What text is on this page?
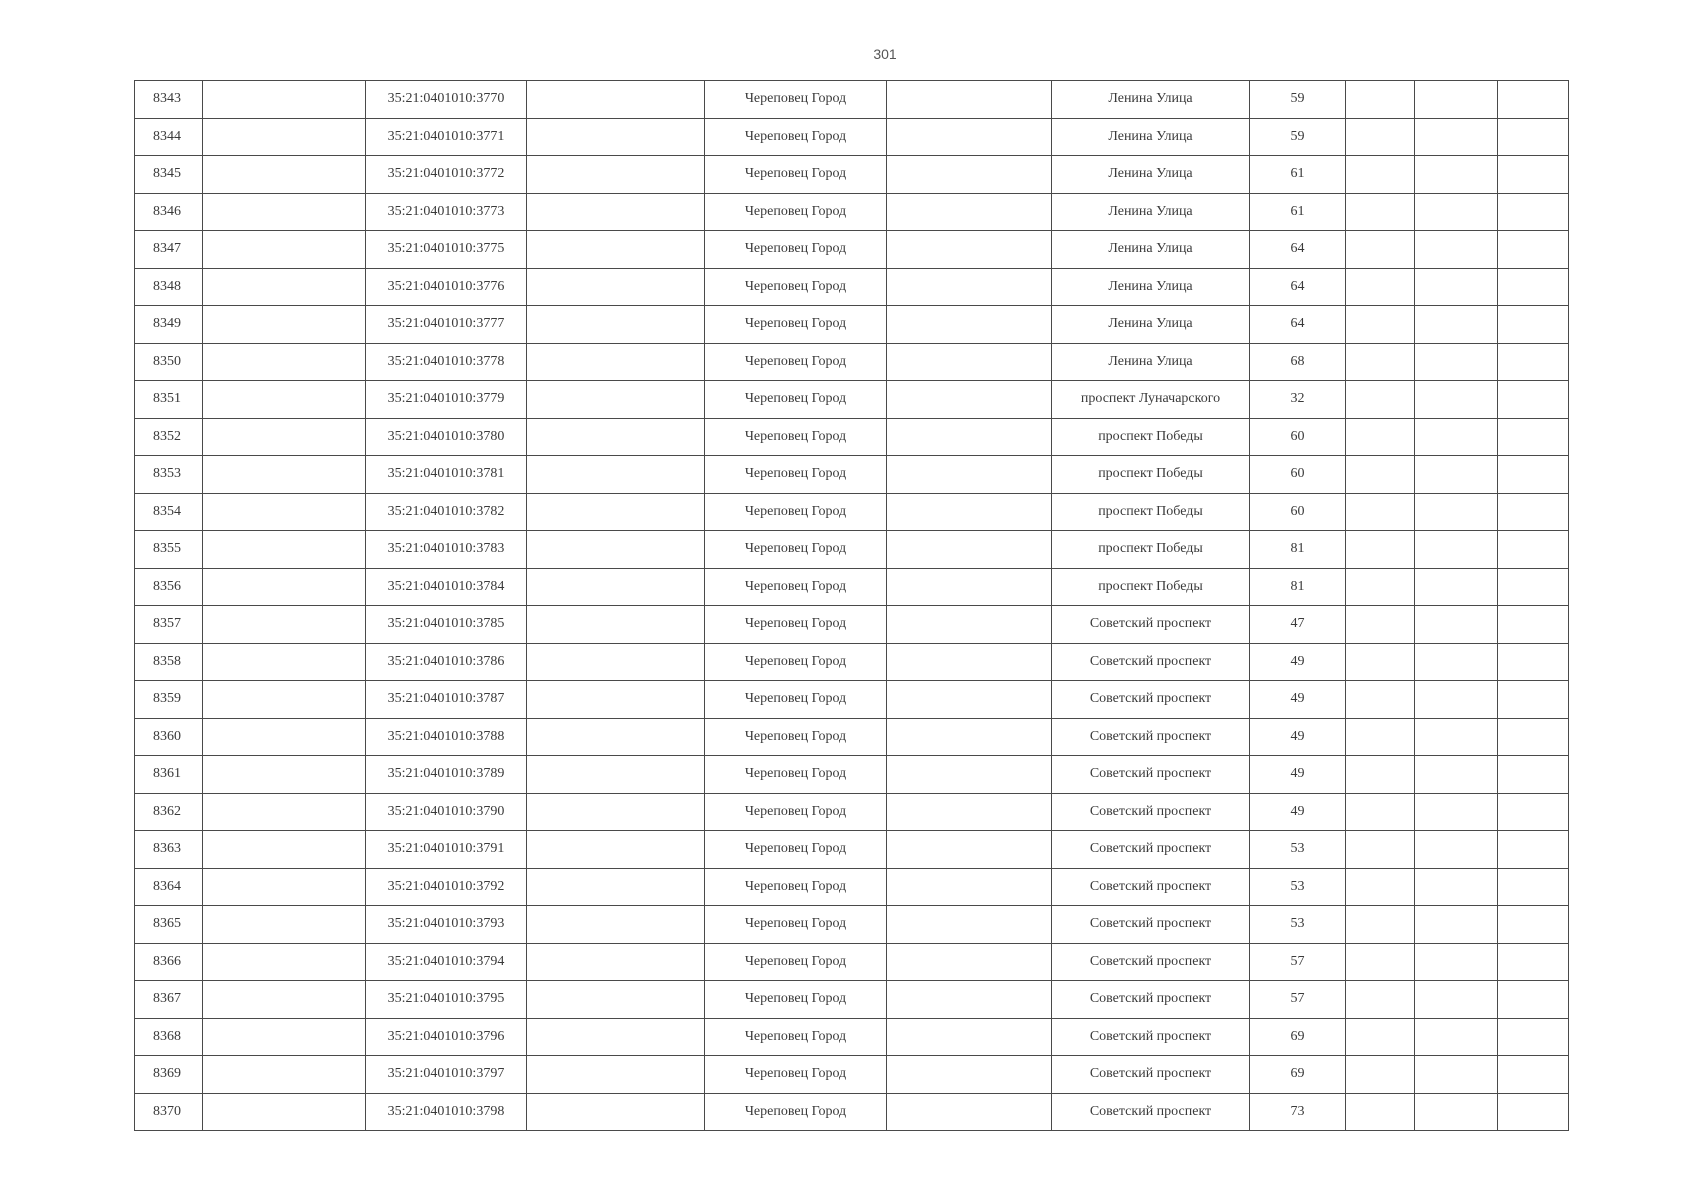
301
8343		35:21:0401010:3770		Череповец Город		Ленина Улица	59			
8344		35:21:0401010:3771		Череповец Город		Ленина Улица	59			
8345		35:21:0401010:3772		Череповец Город		Ленина Улица	61			
8346		35:21:0401010:3773		Череповец Город		Ленина Улица	61			
8347		35:21:0401010:3775		Череповец Город		Ленина Улица	64			
8348		35:21:0401010:3776		Череповец Город		Ленина Улица	64			
8349		35:21:0401010:3777		Череповец Город		Ленина Улица	64			
8350		35:21:0401010:3778		Череповец Город		Ленина Улица	68			
8351		35:21:0401010:3779		Череповец Город		проспект Луначарского	32			
8352		35:21:0401010:3780		Череповец Город		проспект Победы	60			
8353		35:21:0401010:3781		Череповец Город		проспект Победы	60			
8354		35:21:0401010:3782		Череповец Город		проспект Победы	60			
8355		35:21:0401010:3783		Череповец Город		проспект Победы	81			
8356		35:21:0401010:3784		Череповец Город		проспект Победы	81			
8357		35:21:0401010:3785		Череповец Город		Советский проспект	47			
8358		35:21:0401010:3786		Череповец Город		Советский проспект	49			
8359		35:21:0401010:3787		Череповец Город		Советский проспект	49			
8360		35:21:0401010:3788		Череповец Город		Советский проспект	49			
8361		35:21:0401010:3789		Череповец Город		Советский проспект	49			
8362		35:21:0401010:3790		Череповец Город		Советский проспект	49			
8363		35:21:0401010:3791		Череповец Город		Советский проспект	53			
8364		35:21:0401010:3792		Череповец Город		Советский проспект	53			
8365		35:21:0401010:3793		Череповец Город		Советский проспект	53			
8366		35:21:0401010:3794		Череповец Город		Советский проспект	57			
8367		35:21:0401010:3795		Череповец Город		Советский проспект	57			
8368		35:21:0401010:3796		Череповец Город		Советский проспект	69			
8369		35:21:0401010:3797		Череповец Город		Советский проспект	69			
8370		35:21:0401010:3798		Череповец Город		Советский проспект	73			
